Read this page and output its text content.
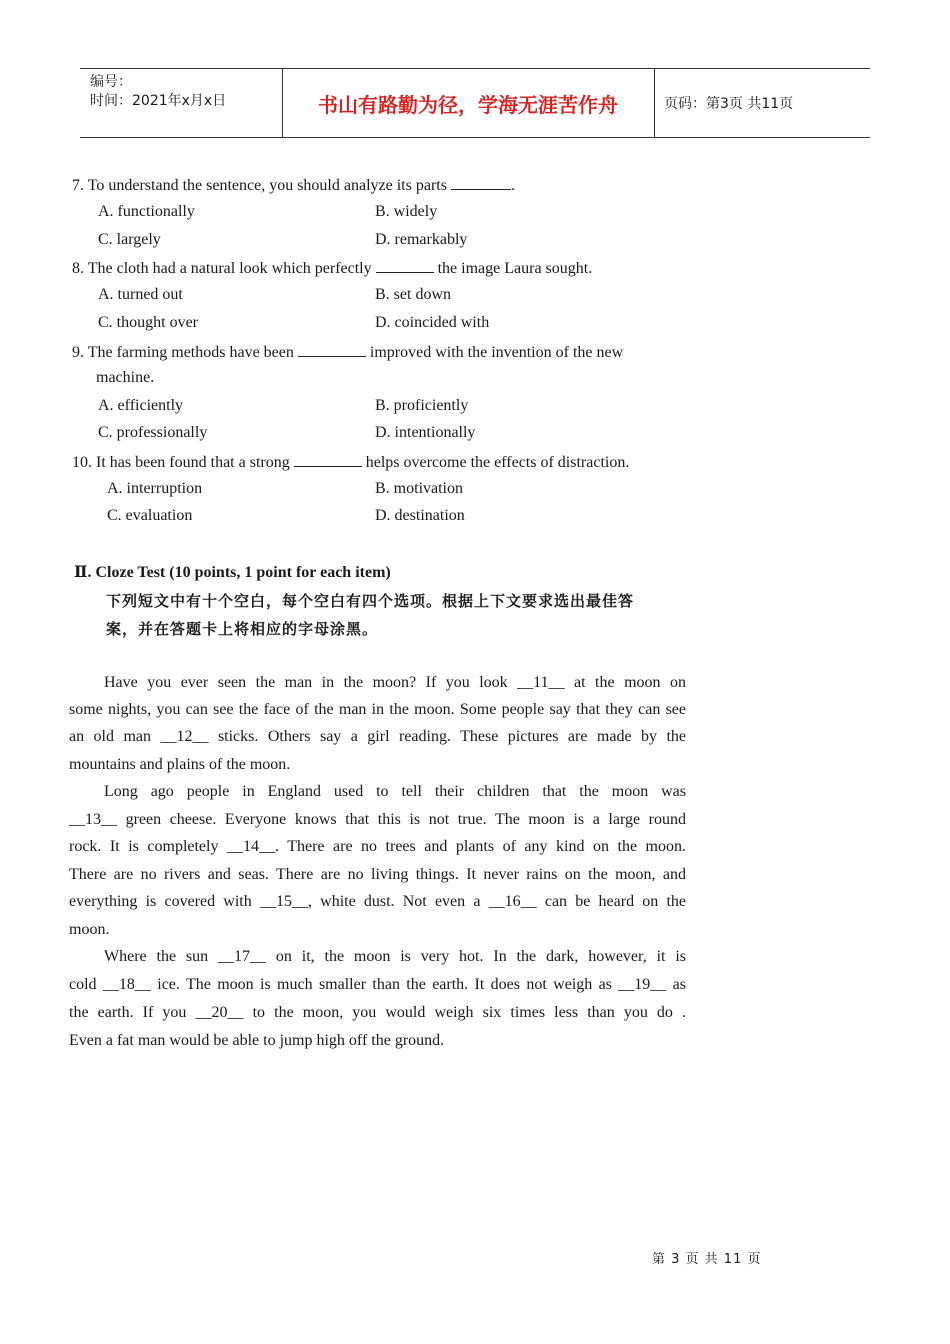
编号：
时间：2021年x月x日	书山有路勤为径，学海无涯苦作舟	页码：第3页 共11页
7. To understand the sentence, you should analyze its parts	.
A. functionally	B. widely
C. largely	D. remarkably
8. The cloth had a natural look which perfectly	the image Laura sought.
A. turned out	B. set down
C. thought over	D. coincided with
9. The farming methods have been	improved with the invention of the new
machine.
A. efficiently	B. proficiently
C. professionally	D. intentionally
10. It has been found that a strong	helps overcome the effects of distraction.
A. interruption	B. motivation
C. evaluation	D. destination
Ⅱ. Cloze Test (10 points, 1 point for each item)
下列短文中有十个空白，每个空白有四个选项。根据上下文要求选出最佳答
案，并在答题卡上将相应的字母涂黑。
Have you ever seen the man in the moon? If you look __11__ at the moon on
some nights, you can see the face of the man in the moon. Some people say that they can see
an old man __12__ sticks. Others say a girl reading. These pictures are made by the
mountains and plains of the moon.
Long ago people in England used to tell their children that the moon was
__13__ green cheese. Everyone knows that this is not true. The moon is a large round
rock. It is completely __14__. There are no trees and plants of any kind on the moon.
There are no rivers and seas. There are no living things. It never rains on the moon, and
everything is covered with __15__, white dust. Not even a __16__ can be heard on the
moon.
Where the sun __17__ on it, the moon is very hot. In the dark, however, it is
cold __18__ ice. The moon is much smaller than the earth. It does not weigh as __19__ as
the earth. If you __20__ to the moon, you would weigh six times less than you do .
Even a fat man would be able to jump high off the ground.
第 3 页 共 11 页
